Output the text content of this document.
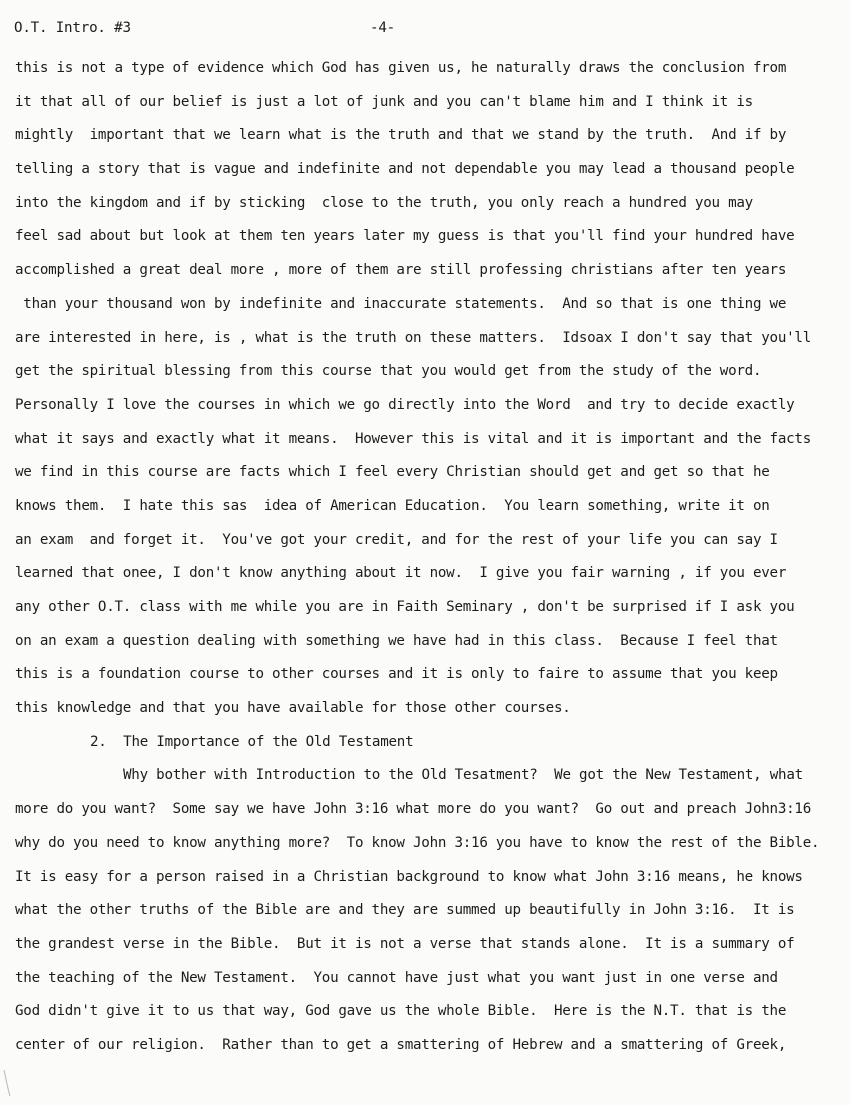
O.T. Intro. #3	-4-
this is not a type of evidence which God has given us, he naturally draws the conclusion from
it that all of our belief is just a lot of junk and you can't blame him and I think it is
mightly  important that we learn what is the truth and that we stand by the truth.  And if by
telling a story that is vague and indefinite and not dependable you may lead a thousand people
into the kingdom and if by sticking  close to the truth, you only reach a hundred you may
feel sad about but look at them ten years later my guess is that you'll find your hundred have
accomplished a great deal more , more of them are still professing christians after ten years
than your thousand won by indefinite and inaccurate statements.  And so that is one thing we
are interested in here, is , what is the truth on these matters.  Idsoax I don't say that you'll
get the spiritual blessing from this course that you would get from the study of the word.
Personally I love the courses in which we go directly into the Word  and try to decide exactly
what it says and exactly what it means.  However this is vital and it is important and the facts
we find in this course are facts which I feel every Christian should get and get so that he
knows them.  I hate this sas  idea of American Education.  You learn something, write it on
an exam  and forget it.  You've got your credit, and for the rest of your life you can say I
learned that onee, I don't know anything about it now.  I give you fair warning , if you ever
any other O.T. class with me while you are in Faith Seminary , don't be surprised if I ask you
on an exam a question dealing with something we have had in this class.  Because I feel that
this is a foundation course to other courses and it is only to faire to assume that you keep
this knowledge and that you have available for those other courses.
2.  The Importance of the Old Testament
Why bother with Introduction to the Old Tesatment?  We got the New Testament, what
more do you want?  Some say we have John 3:16 what more do you want?  Go out and preach John3:16
why do you need to know anything more?  To know John 3:16 you have to know the rest of the Bible.
It is easy for a person raised in a Christian background to know what John 3:16 means, he knows
what the other truths of the Bible are and they are summed up beautifully in John 3:16.  It is
the grandest verse in the Bible.  But it is not a verse that stands alone.  It is a summary of
the teaching of the New Testament.  You cannot have just what you want just in one verse and
God didn't give it to us that way, God gave us the whole Bible.  Here is the N.T. that is the
center of our religion.  Rather than to get a smattering of Hebrew and a smattering of Greek,
